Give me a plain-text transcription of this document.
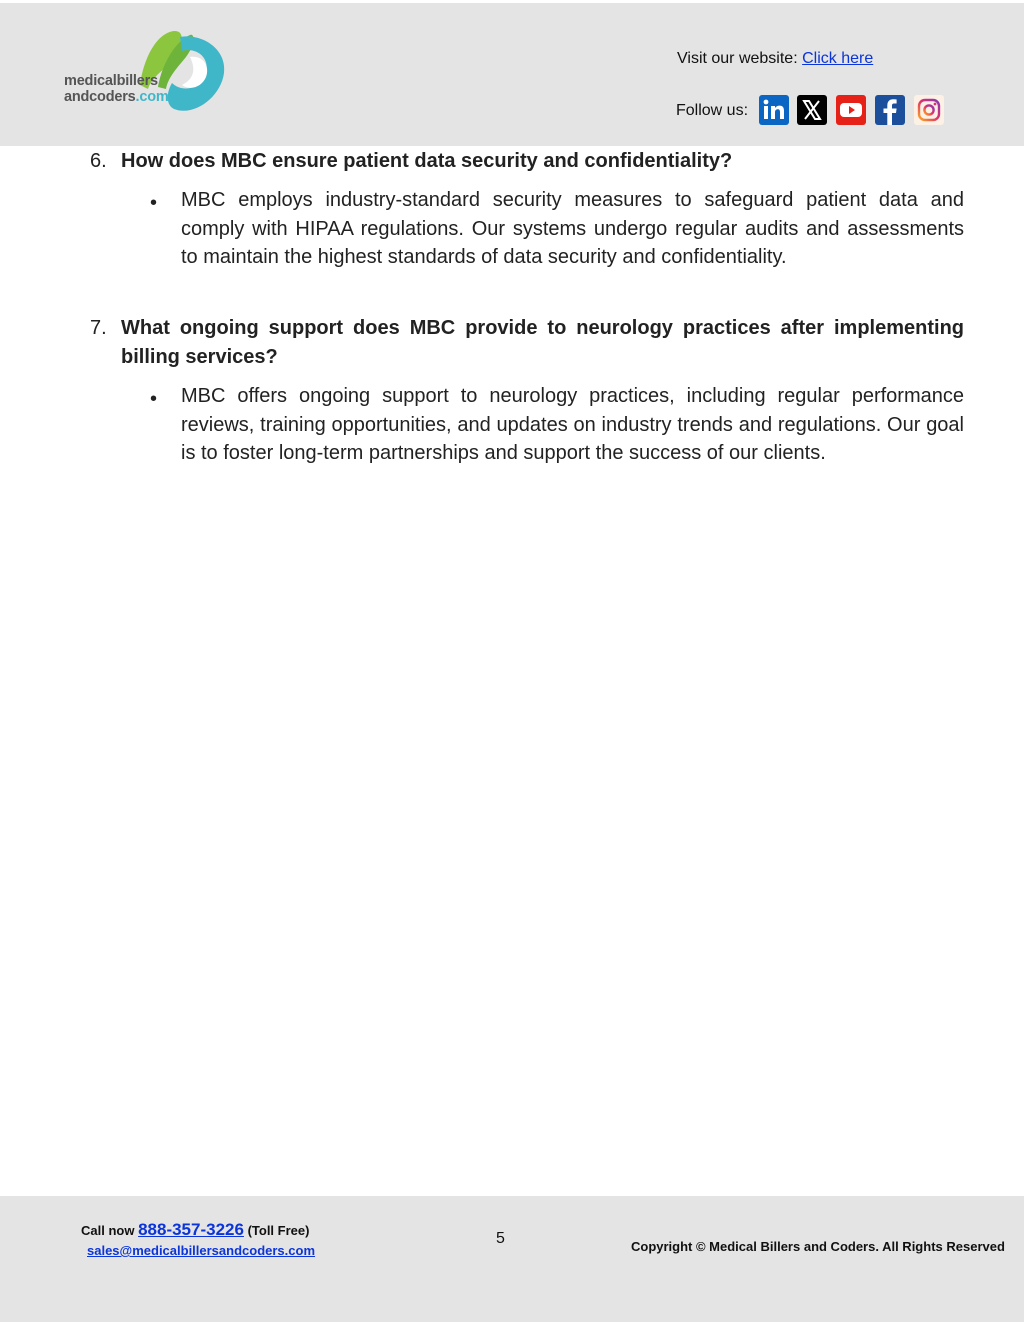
medicalbillers
andcoders.com
Visit our website: Click here
Follow us:
6. How does MBC ensure patient data security and confidentiality?
• MBC employs industry-standard security measures to safeguard patient data and comply with HIPAA regulations. Our systems undergo regular audits and assessments to maintain the highest standards of data security and confidentiality.
7. What ongoing support does MBC provide to neurology practices after implementing billing services?
• MBC offers ongoing support to neurology practices, including regular performance reviews, training opportunities, and updates on industry trends and regulations. Our goal is to foster long-term partnerships and support the success of our clients.
Call now 888-357-3226 (Toll Free)
sales@medicalbillersandcoders.com
5	Copyright © Medical Billers and Coders. All Rights Reserved
